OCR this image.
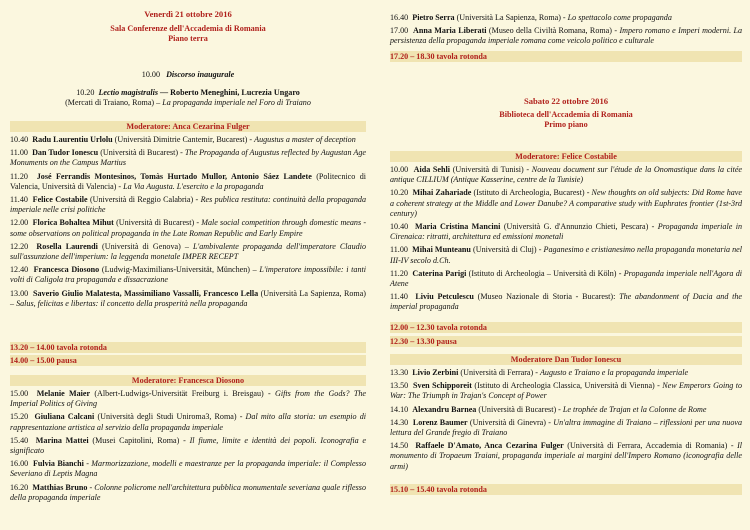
Venerdì 21 ottobre 2016
Sala Conferenze dell'Accademia di Romania
Piano terra
10.00 Discorso inaugurale
10.20 Lectio magistralis — Roberto Meneghini, Lucrezia Ungaro
(Mercati di Traiano, Roma) – La propaganda imperiale nel Foro di Traiano
Moderatore: Anca Cezarina Fulger
10.40 Radu Laurentiu Urlolu (Università Dimitrie Cantemir, Bucarest) - Augustus a master of deception
11.00 Dan Tudor Ionescu (Università di Bucarest) - The Propaganda of Augustus reflected by Augustan Age Monuments on the Campus Martius
11.20 José Ferrandis Montesinos, Tomàs Hurtado Mullor, Antonio Sáez Landete (Politecnico di Valencia, Università di Valencia) - La Via Augusta. L'esercito e la propaganda
11.40 Felice Costabile (Università di Reggio Calabria) - Res publica restituta: continuità della propaganda imperiale nelle crisi politiche
12.00 Florica Bohaltea Mihut (Università di Bucarest) - Male social competition through domestic means - some observations on political propaganda in the Late Roman Republic and Early Empire
12.20 Rosella Laurendi (Università di Genova) – L'ambivalente propaganda dell'imperatore Claudio sull'assunzione dell'imperium: la leggenda monetale IMPER RECEPT
12.40 Francesca Diosono (Ludwig-Maximilians-Universität, München) – L'imperatore impossibile: i tanti volti di Caligola tra propaganda e dissacrazione
13.00 Saverio Giulio Malatesta, Massimiliano Vassalli, Francesco Lella (Università La Sapienza, Roma) – Salus, felicitas e libertas: il concetto della prosperità nella propaganda
13.20 – 14.00 tavola rotonda
14.00 – 15.00 pausa
Moderatore: Francesca Diosono
15.00 Melanie Maier (Albert-Ludwigs-Universität Freiburg i. Breisgau) - Gifts from the Gods? The Imperial Politics of Giving
15.20 Giuliana Calcani (Università degli Studi Uniroma3, Roma) - Dal mito alla storia: un esempio di rappresentazione artistica al servizio della propaganda imperiale
15.40 Marina Mattei (Musei Capitolini, Roma) - Il fiume, limite e identità dei popoli. Iconografia e significato
16.00 Fulvia Bianchi - Marmorizzazione, modelli e maestranze per la propaganda imperiale: il Complesso Severiano di Leptis Magna
16.20 Matthias Bruno - Colonne policrome nell'architettura pubblica monumentale severiana quale riflesso della propaganda imperiale
16.40 Pietro Serra (Università La Sapienza, Roma) - Lo spettacolo come propaganda
17.00 Anna Maria Liberati (Museo della Civiltà Romana, Roma) - Impero romano e Imperi moderni. La persistenza della propaganda imperiale romana come veicolo politico e culturale
17.20 – 18.30 tavola rotonda
Sabato 22 ottobre 2016
Biblioteca dell'Accademia di Romania
Primo piano
Moderatore: Felice Costabile
10.00 Aida Sehli (Università di Tunisi) - Nouveau document sur l'étude de la Onomastique dans la citée antique CILLIUM (Antique Kasserine, centre de la Tunisie)
10.20 Mihai Zahariade (Istituto di Archeologia, Bucarest) - New thoughts on old subjects: Did Rome have a coherent strategy at the Middle and Lower Danube? A comparative study with Euphrates frontier (1st-3rd century)
10.40 Maria Cristina Mancini (Università G. d'Annunzio Chieti, Pescara) - Propaganda imperiale in Cirenaica: ritratti, architettura ed emissioni monetali
11.00 Mihai Munteanu (Università di Cluj) - Paganesimo e cristianesimo nella propaganda monetaria nel III-IV secolo d.Ch.
11.20 Caterina Parigi (Istituto di Archeologia – Università di Köln) - Propaganda imperiale nell'Agora di Atene
11.40 Liviu Petculescu (Museo Nazionale di Storia - Bucarest): The abandonment of Dacia and the imperial propaganda
12.00 – 12.30 tavola rotonda
12.30 – 13.30 pausa
Moderatore Dan Tudor Ionescu
13.30 Livio Zerbini (Università di Ferrara) - Augusto e Traiano e la propaganda imperiale
13.50 Sven Schipporeit (Istituto di Archeologia Classica, Università di Vienna) - New Emperors Going to War: The Triumph in Trajan's Concept of Power
14.10 Alexandru Barnea (Università di Bucarest) - Le trophée de Trajan et la Colonne de Rome
14.30 Lorenz Baumer (Università di Ginevra) - Un'altra immagine di Traiano – riflessioni per una nuova lettura del Grande fregio di Traiano
14.50 Raffaele D'Amato, Anca Cezarina Fulger (Università di Ferrara, Accademia di Romania) - Il monumento di Tropaeum Traiani, propaganda imperiale ai margini dell'Impero Romano (iconografia delle armi)
15.10 – 15.40 tavola rotonda
